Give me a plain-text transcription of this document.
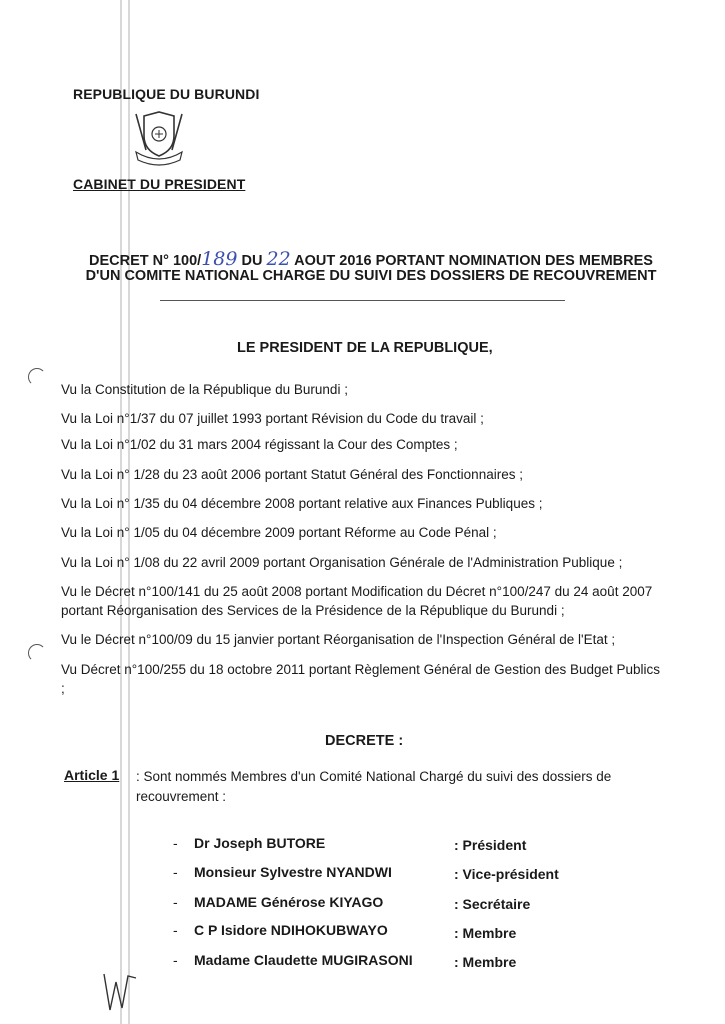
REPUBLIQUE DU BURUNDI
CABINET DU PRESIDENT
DECRET N° 100/189 DU 22 AOUT 2016 PORTANT NOMINATION DES MEMBRES
D'UN COMITE NATIONAL CHARGE DU SUIVI DES DOSSIERS DE RECOUVREMENT
LE PRESIDENT DE LA REPUBLIQUE,
Vu la Constitution de la République du Burundi ;
Vu la Loi n°1/37 du 07 juillet 1993 portant Révision du Code du travail ;
Vu la Loi n°1/02 du 31 mars 2004 régissant la Cour des Comptes ;
Vu la Loi n° 1/28 du 23 août 2006 portant Statut Général des Fonctionnaires ;
Vu la Loi n° 1/35 du 04 décembre 2008 portant relative aux Finances Publiques ;
Vu la Loi n° 1/05 du 04 décembre 2009 portant Réforme au Code Pénal ;
Vu la Loi n° 1/08 du 22 avril 2009 portant Organisation Générale de l'Administration Publique ;
Vu le Décret n°100/141 du 25 août 2008 portant Modification du Décret n°100/247 du 24 août 2007 portant Réorganisation des Services de la Présidence de la République du Burundi ;
Vu le Décret n°100/09 du 15 janvier portant Réorganisation de l'Inspection Général de l'Etat ;
Vu Décret n°100/255 du 18 octobre 2011 portant Règlement Général de Gestion des Budget Publics ;
DECRETE :
Article 1 : Sont nommés Membres d'un Comité National Chargé du suivi des dossiers de recouvrement :
- Dr Joseph BUTORE	: Président
- Monsieur Sylvestre NYANDWI	: Vice-président
- MADAME Générose KIYAGO	: Secrétaire
- C P Isidore NDIHOKUBWAYO	: Membre
- Madame Claudette MUGIRASONI	: Membre
